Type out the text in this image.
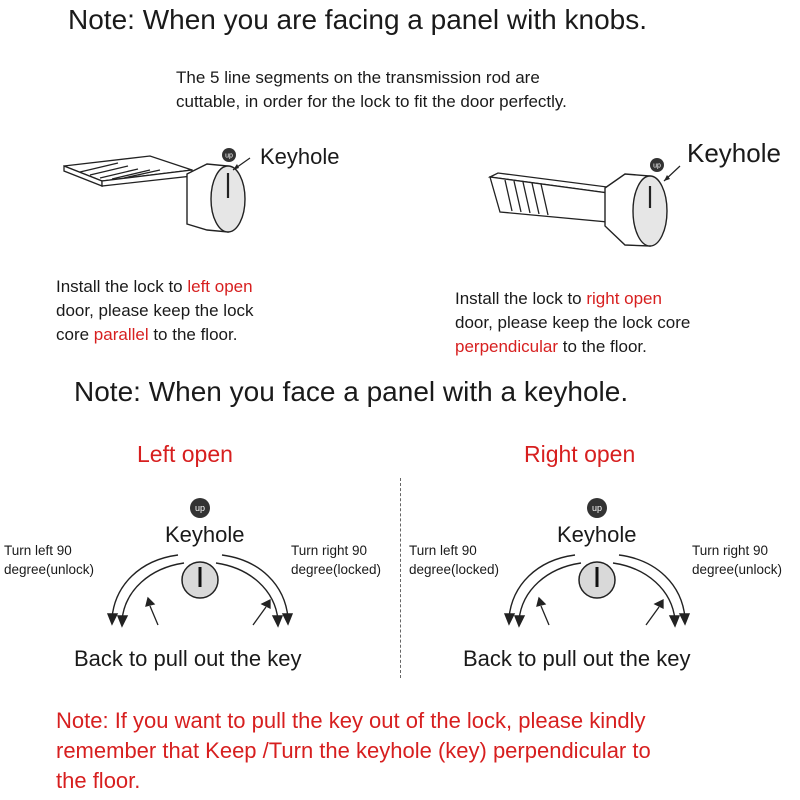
Note: When you are facing a panel with knobs.
The 5 line segments on the transmission rod are
cuttable, in order for the lock to fit the door perfectly.
up Keyhole
Install the lock to left open
door, please keep the lock
core parallel to the floor.
up Keyhole
Install the lock to right open
door, please keep the lock core
perpendicular to the floor.
Note: When you face a panel with a keyhole.
Left open
up
Keyhole
Turn left 90
degree(unlock)
Turn right 90
degree(locked)
Back to pull out the key
Right open
up
Keyhole
Turn left 90
degree(locked)
Turn right 90
degree(unlock)
Back to pull out the key
Note: If you want to pull the key out of the lock, please kindly
remember that Keep /Turn the keyhole (key) perpendicular to
the floor.
